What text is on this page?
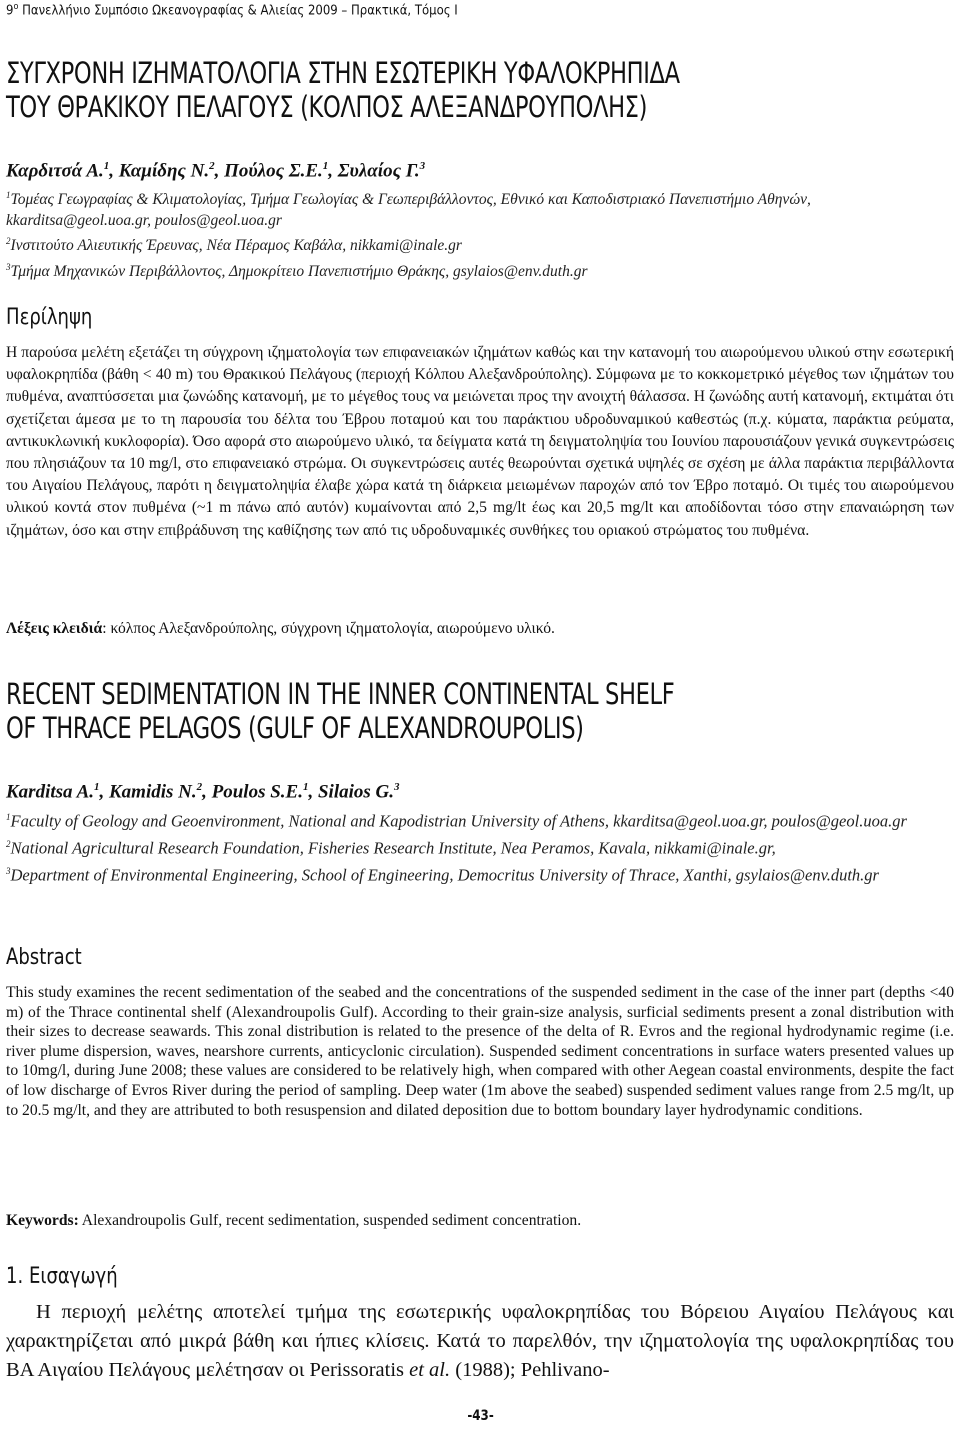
$9^o$ Πανελλήνιο Συμπόσιο Ωκεανογραφίας & Αλιείας 2009 – Πρακτικά, Τόμος Ι
ΣΥΓΧΡΟΝΗ ΙΖΗΜΑΤΟΛΟΓΙΑ ΣΤΗΝ ΕΣΩΤΕΡΙΚΗ ΥΦΑΛΟΚΡΗΠΙΔΑ
ΤΟΥ ΘΡΑΚΙΚΟΥ ΠΕΛΑΓΟΥΣ (ΚΟΛΠΟΣ ΑΛΕΞΑΝΔΡΟΥΠΟΛΗΣ)
Καρδιτσά Α.$^1$, Καμίδης Ν.$^2$, Πούλος Σ.Ε.$^1$, Συλαίος Γ.$^3$
$^1$Τομέας Γεωγραφίας & Κλιματολογίας, Τμήμα Γεωλογίας & Γεωπεριβάλλοντος, Εθνικό και Καποδιστριακό Πανεπιστήμιο Αθηνών, kkarditsa@geol.uoa.gr, poulos@geol.uoa.gr
$^2$Ινστιτούτο Αλιευτικής Έρευνας, Νέα Πέραμος Καβάλα, nikkami@inale.gr
$^3$Τμήμα Μηχανικών Περιβάλλοντος, Δημοκρίτειο Πανεπιστήμιο Θράκης, gsylaios@env.duth.gr
Περίληψη
Η παρούσα μελέτη εξετάζει τη σύγχρονη ιζηματολογία των επιφανειακών ιζημάτων καθώς και την κατανομή του αιωρούμενου υλικού στην εσωτερική υφαλοκρηπίδα (βάθη < 40 m) του Θρακικού Πελάγους (περιοχή Κόλπου Αλεξανδρούπολης). Σύμφωνα με το κοκκομετρικό μέγεθος των ιζημάτων του πυθμένα, αναπτύσσεται μια ζωνώδης κατανομή, με το μέγεθος τους να μειώνεται προς την ανοιχτή θάλασσα. Η ζωνώδης αυτή κατανομή, εκτιμάται ότι σχετίζεται άμεσα με το τη παρουσία του δέλτα του Έβρου ποταμού και του παράκτιου υδροδυναμικού καθεστώς (π.χ. κύματα, παράκτια ρεύματα, αντικυκλωνική κυκλοφορία). Όσο αφορά στο αιωρούμενο υλικό, τα δείγματα κατά τη δειγματοληψία του Ιουνίου παρουσιάζουν γενικά συγκεντρώσεις που πλησιάζουν τα 10 mg/l, στο επιφανειακό στρώμα. Οι συγκεντρώσεις αυτές θεωρούνται σχετικά υψηλές σε σχέση με άλλα παράκτια περιβάλλοντα του Αιγαίου Πελάγους, παρότι η δειγματοληψία έλαβε χώρα κατά τη διάρκεια μειωμένων παροχών από τον Έβρο ποταμό. Οι τιμές του αιωρούμενου υλικού κοντά στον πυθμένα (~1 m πάνω από αυτόν) κυμαίνονται από 2,5 mg/lt έως και 20,5 mg/lt και αποδίδονται τόσο στην επαναιώρηση των ιζημάτων, όσο και στην επιβράδυνση της καθίζησης των από τις υδροδυναμικές συνθήκες του οριακού στρώματος του πυθμένα.
Λέξεις κλειδιά: κόλπος Αλεξανδρούπολης, σύγχρονη ιζηματολογία, αιωρούμενο υλικό.
RECENT SEDIMENTATION IN THE INNER CONTINENTAL SHELF
OF THRACE PELAGOS (GULF OF ALEXANDROUPOLIS)
Karditsa A.$^1$, Kamidis N.$^2$, Poulos S.E.$^1$, Silaios G.$^3$
$^1$Faculty of Geology and Geoenvironment, National and Kapodistrian University of Athens, kkarditsa@geol.uoa.gr, poulos@geol.uoa.gr
$^2$National Agricultural Research Foundation, Fisheries Research Institute, Nea Peramos, Kavala, nikkami@inale.gr,
$^3$Department of Environmental Engineering, School of Engineering, Democritus University of Thrace, Xanthi, gsylaios@env.duth.gr
Abstract
This study examines the recent sedimentation of the seabed and the concentrations of the suspended sediment in the case of the inner part (depths <40 m) of the Thrace continental shelf (Alexandroupolis Gulf). According to their grain-size analysis, surficial sediments present a zonal distribution with their sizes to decrease seawards. This zonal distribution is related to the presence of the delta of R. Evros and the regional hydrodynamic regime (i.e. river plume dispersion, waves, nearshore currents, anticyclonic circulation). Suspended sediment concentrations in surface waters presented values up to 10mg/l, during June 2008; these values are considered to be relatively high, when compared with other Aegean coastal environments, despite the fact of low discharge of Evros River during the period of sampling. Deep water (1m above the seabed) suspended sediment values range from 2.5 mg/lt, up to 20.5 mg/lt, and they are attributed to both resuspension and dilated deposition due to bottom boundary layer hydrodynamic conditions.
Keywords: Alexandroupolis Gulf, recent sedimentation, suspended sediment concentration.
1. Εισαγωγή
Η περιοχή μελέτης αποτελεί τμήμα της εσωτερικής υφαλοκρηπίδας του Βόρειου Αιγαίου Πελάγους και χαρακτηρίζεται από μικρά βάθη και ήπιες κλίσεις. Κατά το παρελθόν, την ιζηματολογία της υφαλοκρηπίδας του ΒΑ Αιγαίου Πελάγους μελέτησαν οι Perissoratis et al. (1988); Pehlivano-
-43-
